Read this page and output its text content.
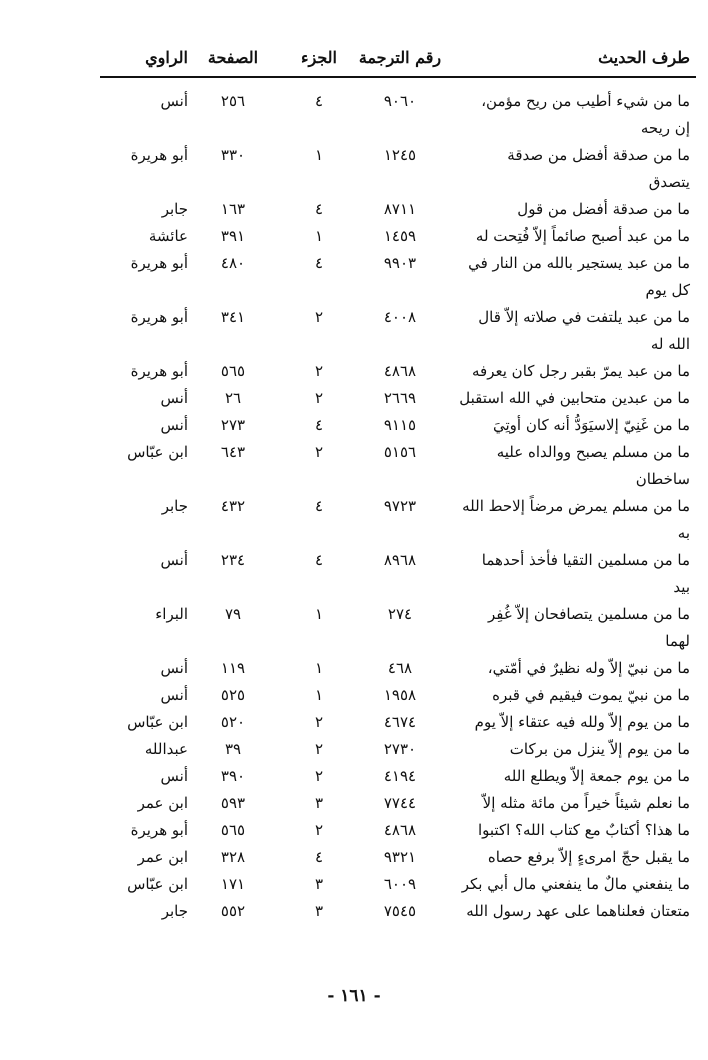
طرف الحديث
رقم الترجمة
الجزء
الصفحة
الراوي
ما من شيء أطيب من ريح مؤمن،
٩٠٦٠
٤
٢٥٦
أنس
إن ريحه
ما من صدقة أفضل من صدقة
١٢٤٥
١
٣٣٠
أبو هريرة
يتصدق
ما من صدقة أفضل من قول
٨٧١١
٤
١٦٣
جابر
ما من عبد أصبح صائماً إلاّ فُتِحت له
١٤٥٩
١
٣٩١
عائشة
ما من عبد يستجير بالله من النار في
٩٩٠٣
٤
٤٨٠
أبو هريرة
كل يوم
ما من عبد يلتفت في صلاته إلاّ قال
٤٠٠٨
٢
٣٤١
أبو هريرة
الله له
ما من عبد يمرّ بقبر رجل كان يعرفه
٤٨٦٨
٢
٥٦٥
أبو هريرة
ما من عبدين متحابين في الله استقبل
٢٦٦٩
٢
٢٦
أنس
ما من غَنِيّ إلاسيَوَدُّ أنه كان أوتِيَ
٩١١٥
٤
٢٧٣
أنس
ما من مسلم يصبح ووالداه عليه
٥١٥٦
٢
٦٤٣
ابن عبّاس
ساخطان
ما من مسلم يمرض مرضاً إلاحط الله
٩٧٢٣
٤
٤٣٢
جابر
به
ما من مسلمين التقيا فأخذ أحدهما
٨٩٦٨
٤
٢٣٤
أنس
بيد
ما من مسلمين يتصافحان إلاّ غُفِر
٢٧٤
١
٧٩
البراء
لهما
ما من نبيّ إلاّ وله نظيرٌ في أمّتي،
٤٦٨
١
١١٩
أنس
ما من نبيّ يموت فيقيم في قبره
١٩٥٨
١
٥٢٥
أنس
ما من يوم إلاّ ولله فيه عتقاء إلاّ يوم
٤٦٧٤
٢
٥٢٠
ابن عبّاس
ما من يوم إلاّ ينزل من بركات
٢٧٣٠
٢
٣٩
عبدالله
ما من يوم جمعة إلاّ ويطلع الله
٤١٩٤
٢
٣٩٠
أنس
ما نعلم شيئاً خيراً من مائة مثله إلاّ
٧٧٤٤
٣
٥٩٣
ابن عمر
ما هذا؟ أكتابٌ مع كتاب الله؟ اكتبوا
٤٨٦٨
٢
٥٦٥
أبو هريرة
ما يقبل حجّ امرىءٍ إلاّ برفع حصاه
٩٣٢١
٤
٣٢٨
ابن عمر
ما ينفعني مالٌ ما ينفعني مال أبي بكر
٦٠٠٩
٣
١٧١
ابن عبّاس
متعتان فعلناهما على عهد رسول الله
٧٥٤٥
٣
٥٥٢
جابر
- ١٦١ -
